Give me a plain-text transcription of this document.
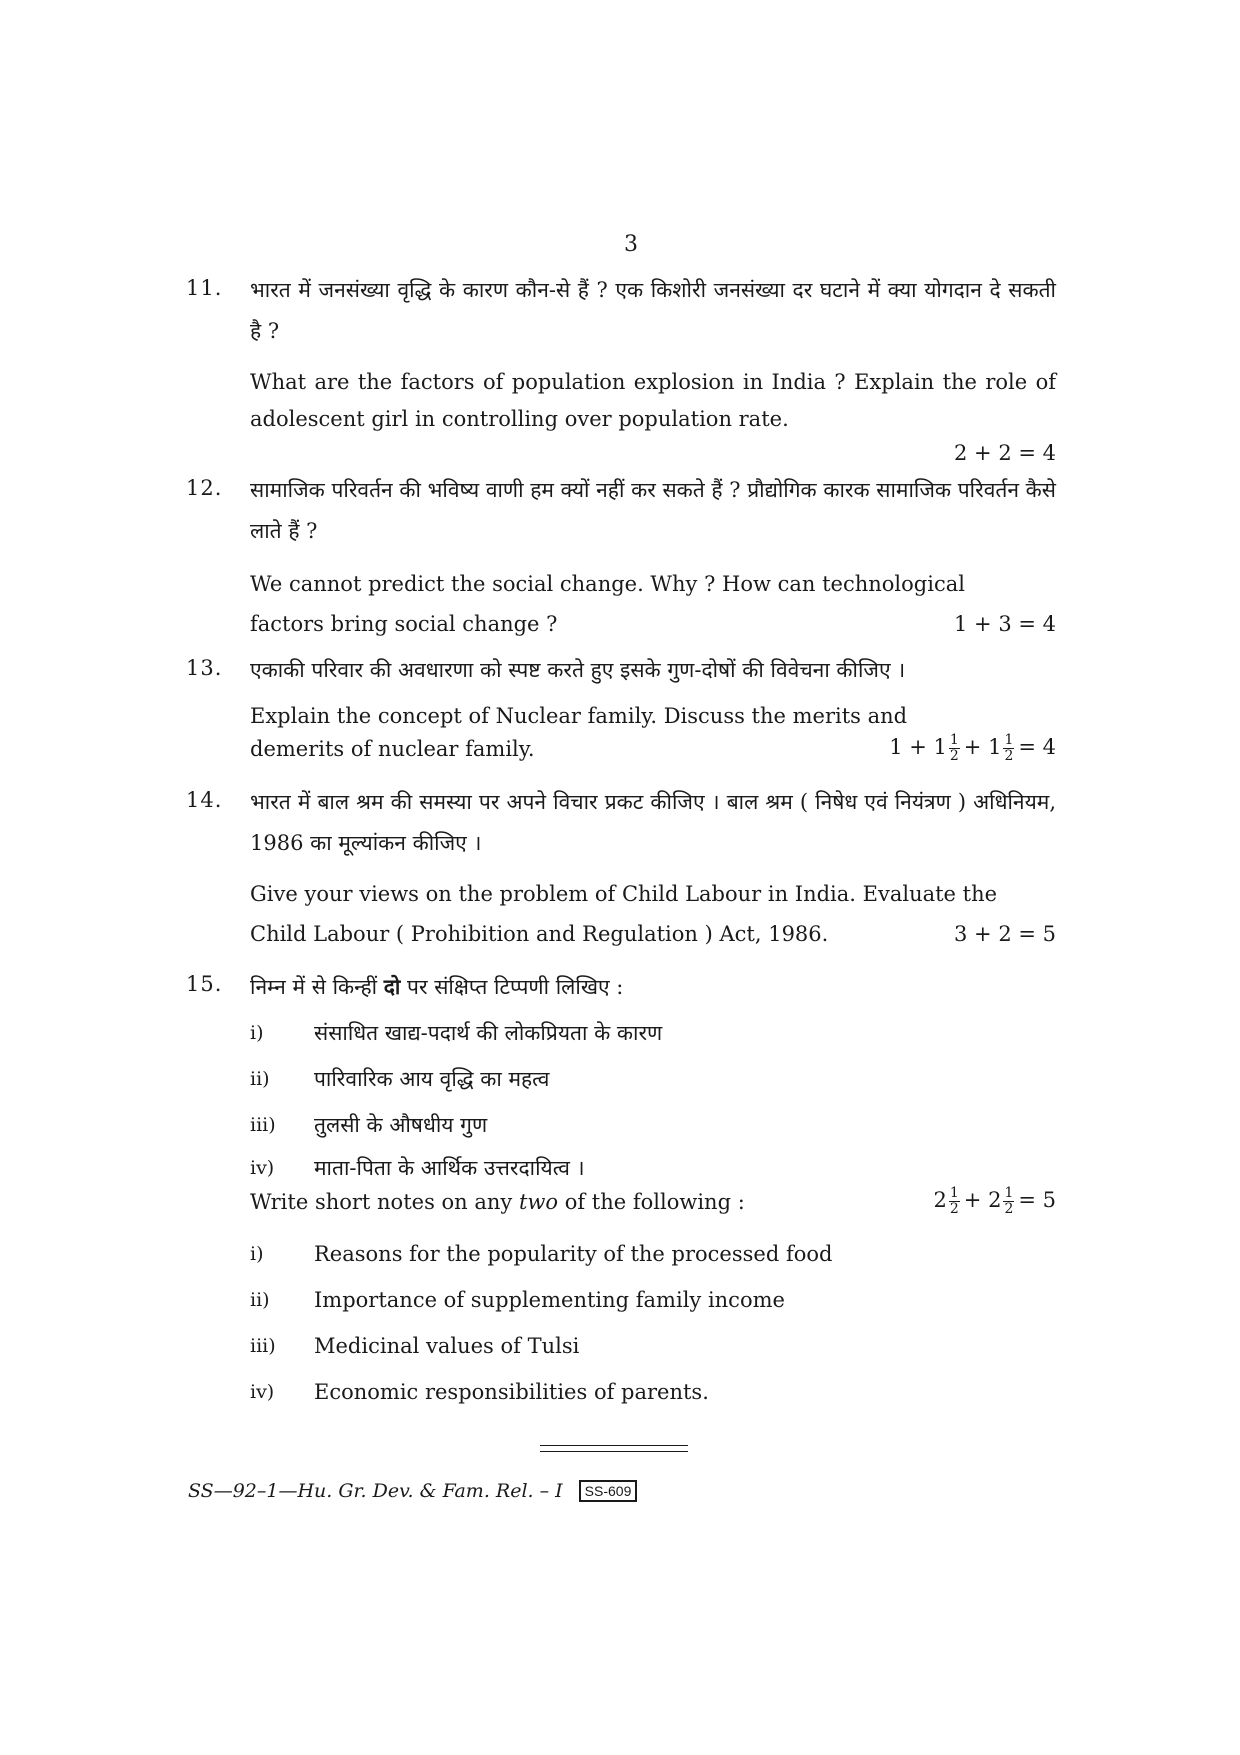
3
11. भारत में जनसंख्या वृद्धि के कारण कौन-से हैं ? एक किशोरी जनसंख्या दर घटाने में क्या योगदान दे सकती है ?
What are the factors of population explosion in India ? Explain the role of adolescent girl in controlling over population rate.
2 + 2 = 4
12. सामाजिक परिवर्तन की भविष्य वाणी हम क्यों नहीं कर सकते हैं ? प्रौद्योगिक कारक सामाजिक परिवर्तन कैसे लाते हैं ?
We cannot predict the social change. Why ? How can technological
factors bring social change ?	1 + 3 = 4
13. एकाकी परिवार की अवधारणा को स्पष्ट करते हुए इसके गुण-दोषों की विवेचना कीजिए ।
Explain the concept of Nuclear family. Discuss the merits and
demerits of nuclear family.	$1 + 1 \frac{1}{2} + 1 \frac{1}{2} = 4$
14. भारत में बाल श्रम की समस्या पर अपने विचार प्रकट कीजिए । बाल श्रम ( निषेध एवं नियंत्रण ) अधिनियम, 1986 का मूल्यांकन कीजिए ।
Give your views on the problem of Child Labour in India. Evaluate the
Child Labour ( Prohibition and Regulation ) Act, 1986.	3 + 2 = 5
15. निम्न में से किन्हीं दो पर संक्षिप्त टिप्पणी लिखिए :
i)	संसाधित खाद्य-पदार्थ की लोकप्रियता के कारण
ii)	पारिवारिक आय वृद्धि का महत्व
iii)	तुलसी के औषधीय गुण
iv)	माता-पिता के आर्थिक उत्तरदायित्व ।
Write short notes on any two of the following :	$2 \frac{1}{2} + 2 \frac{1}{2} = 5$
i)	Reasons for the popularity of the processed food
ii)	Importance of supplementing family income
iii)	Medicinal values of Tulsi
iv)	Economic responsibilities of parents.
SS—92–1—Hu. Gr. Dev. & Fam. Rel. – I	SS-609
